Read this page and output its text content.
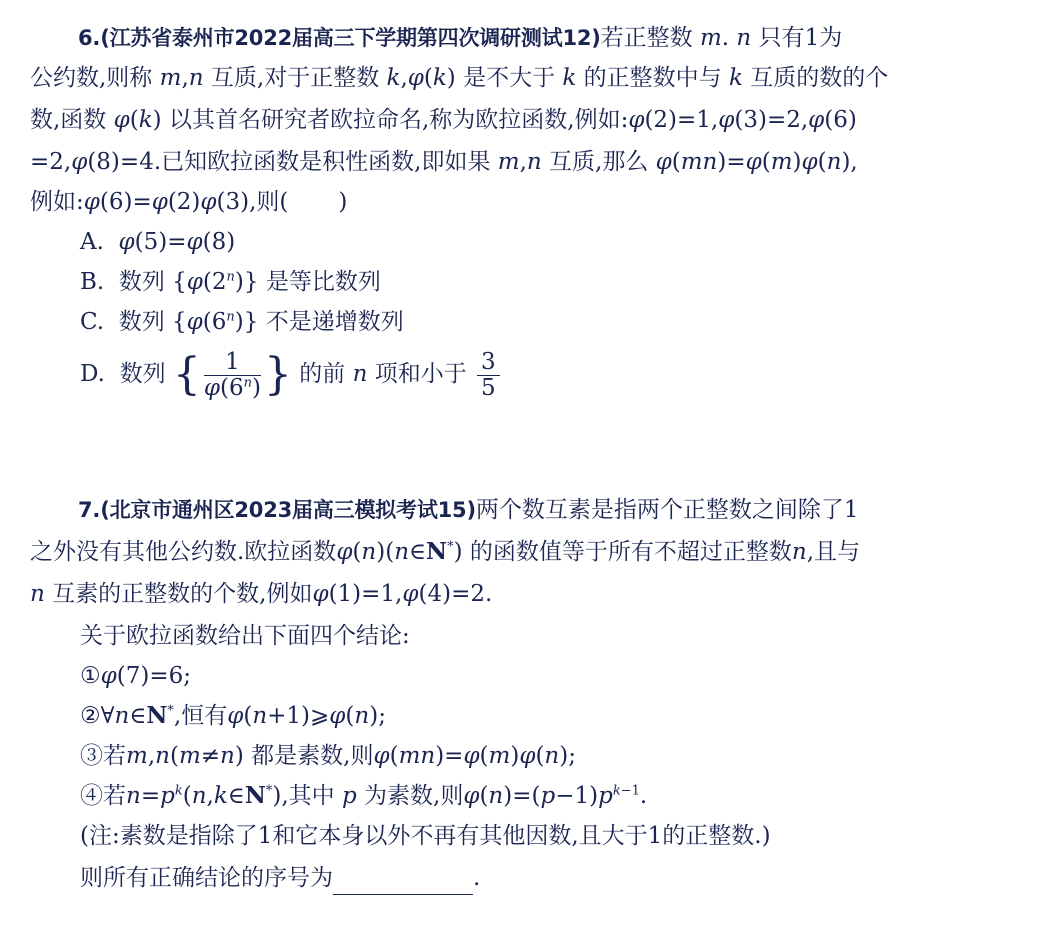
6.(江苏省泰州市2022届高三下学期第四次调研测试12)若正整数 m. n 只有1为
公约数,则称 m,n 互质,对于正整数 k,φ(k) 是不大于 k 的正整数中与 k 互质的数的个
数,函数 φ(k) 以其首名研究者欧拉命名,称为欧拉函数,例如:φ(2)=1,φ(3)=2,φ(6)
=2,φ(8)=4.已知欧拉函数是积性函数,即如果 m,n 互质,那么 φ(mn)=φ(m)φ(n),
例如:φ(6)=φ(2)φ(3),则( )
A. φ(5)=φ(8)
B. 数列 {φ(2$^n$)} 是等比数列
C. 数列 {φ(6$^n$)} 不是递增数列
D. 数列 { $\frac{1}{\varphi(6^n)}$ } 的前 n 项和小于 $\frac{3}{5}$
7.(北京市通州区2023届高三模拟考试15)两个数互素是指两个正整数之间除了1
之外没有其他公约数.欧拉函数φ(n)(n∈N*) 的函数值等于所有不超过正整数n,且与
n 互素的正整数的个数,例如φ(1)=1,φ(4)=2.
关于欧拉函数给出下面四个结论:
①φ(7)=6;
②∀n∈N*,恒有φ(n+1)⩾φ(n);
③若m,n(m≠n) 都是素数,则φ(mn)=φ(m)φ(n);
④若$n=p^k(n,k\in N^*)$,其中 p 为素数,则$\varphi(n)=(p-1)p^{k-1}$.
(注:素数是指除了1和它本身以外不再有其他因数,且大于1的正整数.)
则所有正确结论的序号为	.
